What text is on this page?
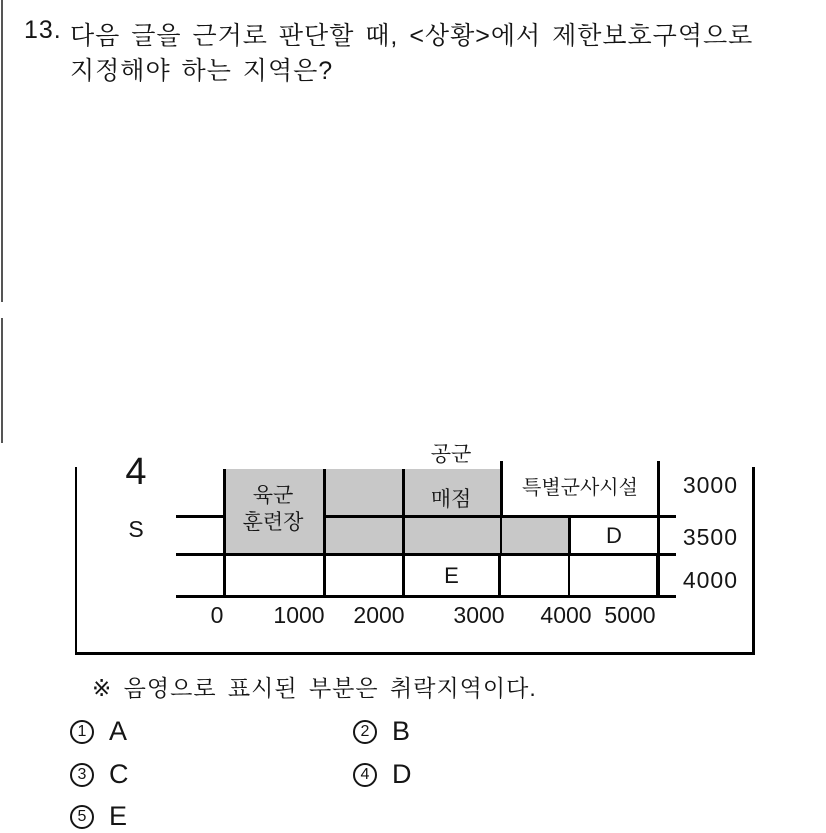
13. 다음 글을 근거로 판단할 때, <상황>에서 제한보호구역으로
지정해야 하는 지역은?
공군
특별군사시설
D
E
육군
훈련장
매점
4
S
3000
3500
4000
0	1000	2000	3000	4000 5000
※ 음영으로 표시된 부분은 취락지역이다.
1 A	2 B
3 C	4 D
5 E
